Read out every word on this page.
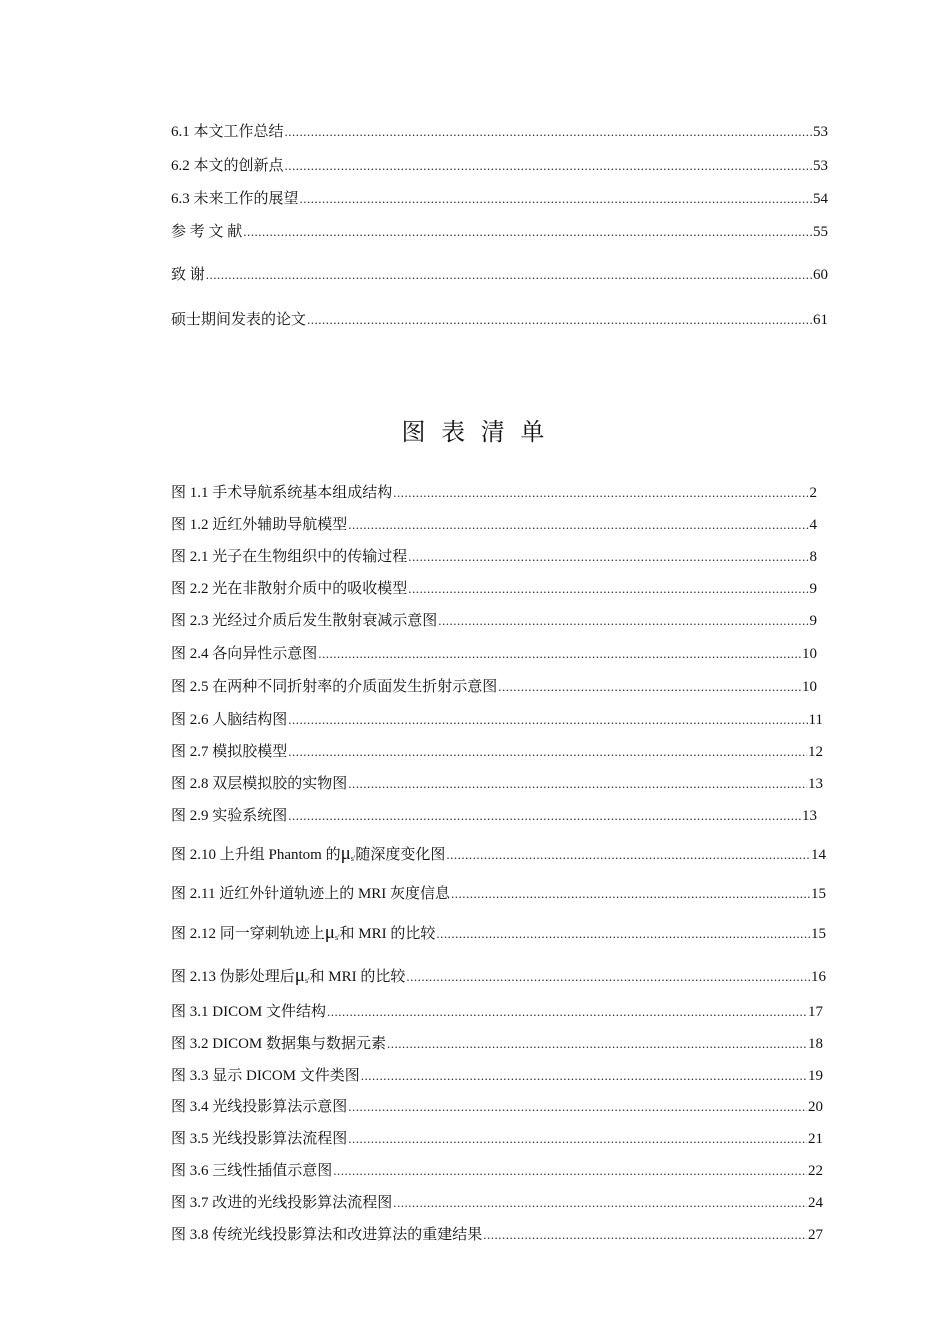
6.1 本文工作总结 .....	53
6.2 本文的创新点 .....	53
6.3 未来工作的展望 .....	54
参 考 文 献 .....	55
致 谢 .....	60
硕士期间发表的论文 .....	61
图 表 清 单
图 1.1 手术导航系统基本组成结构 .....	2
图 1.2 近红外辅助导航模型 .....	4
图 2.1 光子在生物组织中的传输过程 .....	8
图 2.2 光在非散射介质中的吸收模型 .....	9
图 2.3 光经过介质后发生散射衰减示意图 .....	9
图 2.4 各向异性示意图 .....	10
图 2.5 在两种不同折射率的介质面发生折射示意图 .....	10
图 2.6 人脑结构图 .....	11
图 2.7 模拟胶模型 .....	12
图 2.8 双层模拟胶的实物图 .....	13
图 2.9 实验系统图 .....	13
图 2.10 上升组 Phantom 的$\mu_{s'}$随深度变化图 .....	14
图 2.11 近红外针道轨迹上的 MRI 灰度信息 .....	15
图 2.12 同一穿刺轨迹上$\mu_{s'}$和 MRI 的比较 .....	15
图 2.13 伪影处理后$\mu_{s'}$和 MRI 的比较 .....	16
图 3.1 DICOM 文件结构 .....	17
图 3.2 DICOM 数据集与数据元素 .....	18
图 3.3 显示 DICOM 文件类图 .....	19
图 3.4 光线投影算法示意图 .....	20
图 3.5 光线投影算法流程图 .....	21
图 3.6 三线性插值示意图 .....	22
图 3.7 改进的光线投影算法流程图 .....	24
图 3.8 传统光线投影算法和改进算法的重建结果 .....	27
